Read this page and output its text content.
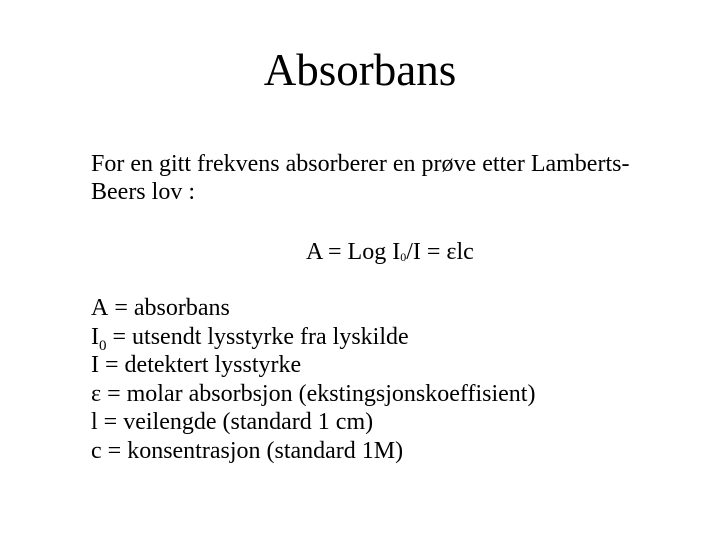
Absorbans
For en gitt frekvens absorberer en prøve etter Lamberts-Beers lov :
A = Log I0/I = εlc
A = absorbans
$I_0$ = utsendt lysstyrke fra lyskilde
I = detektert lysstyrke
ε = molar absorbsjon (ekstingsjonskoeffisient)
l = veilengde (standard 1 cm)
c = konsentrasjon (standard 1M)
